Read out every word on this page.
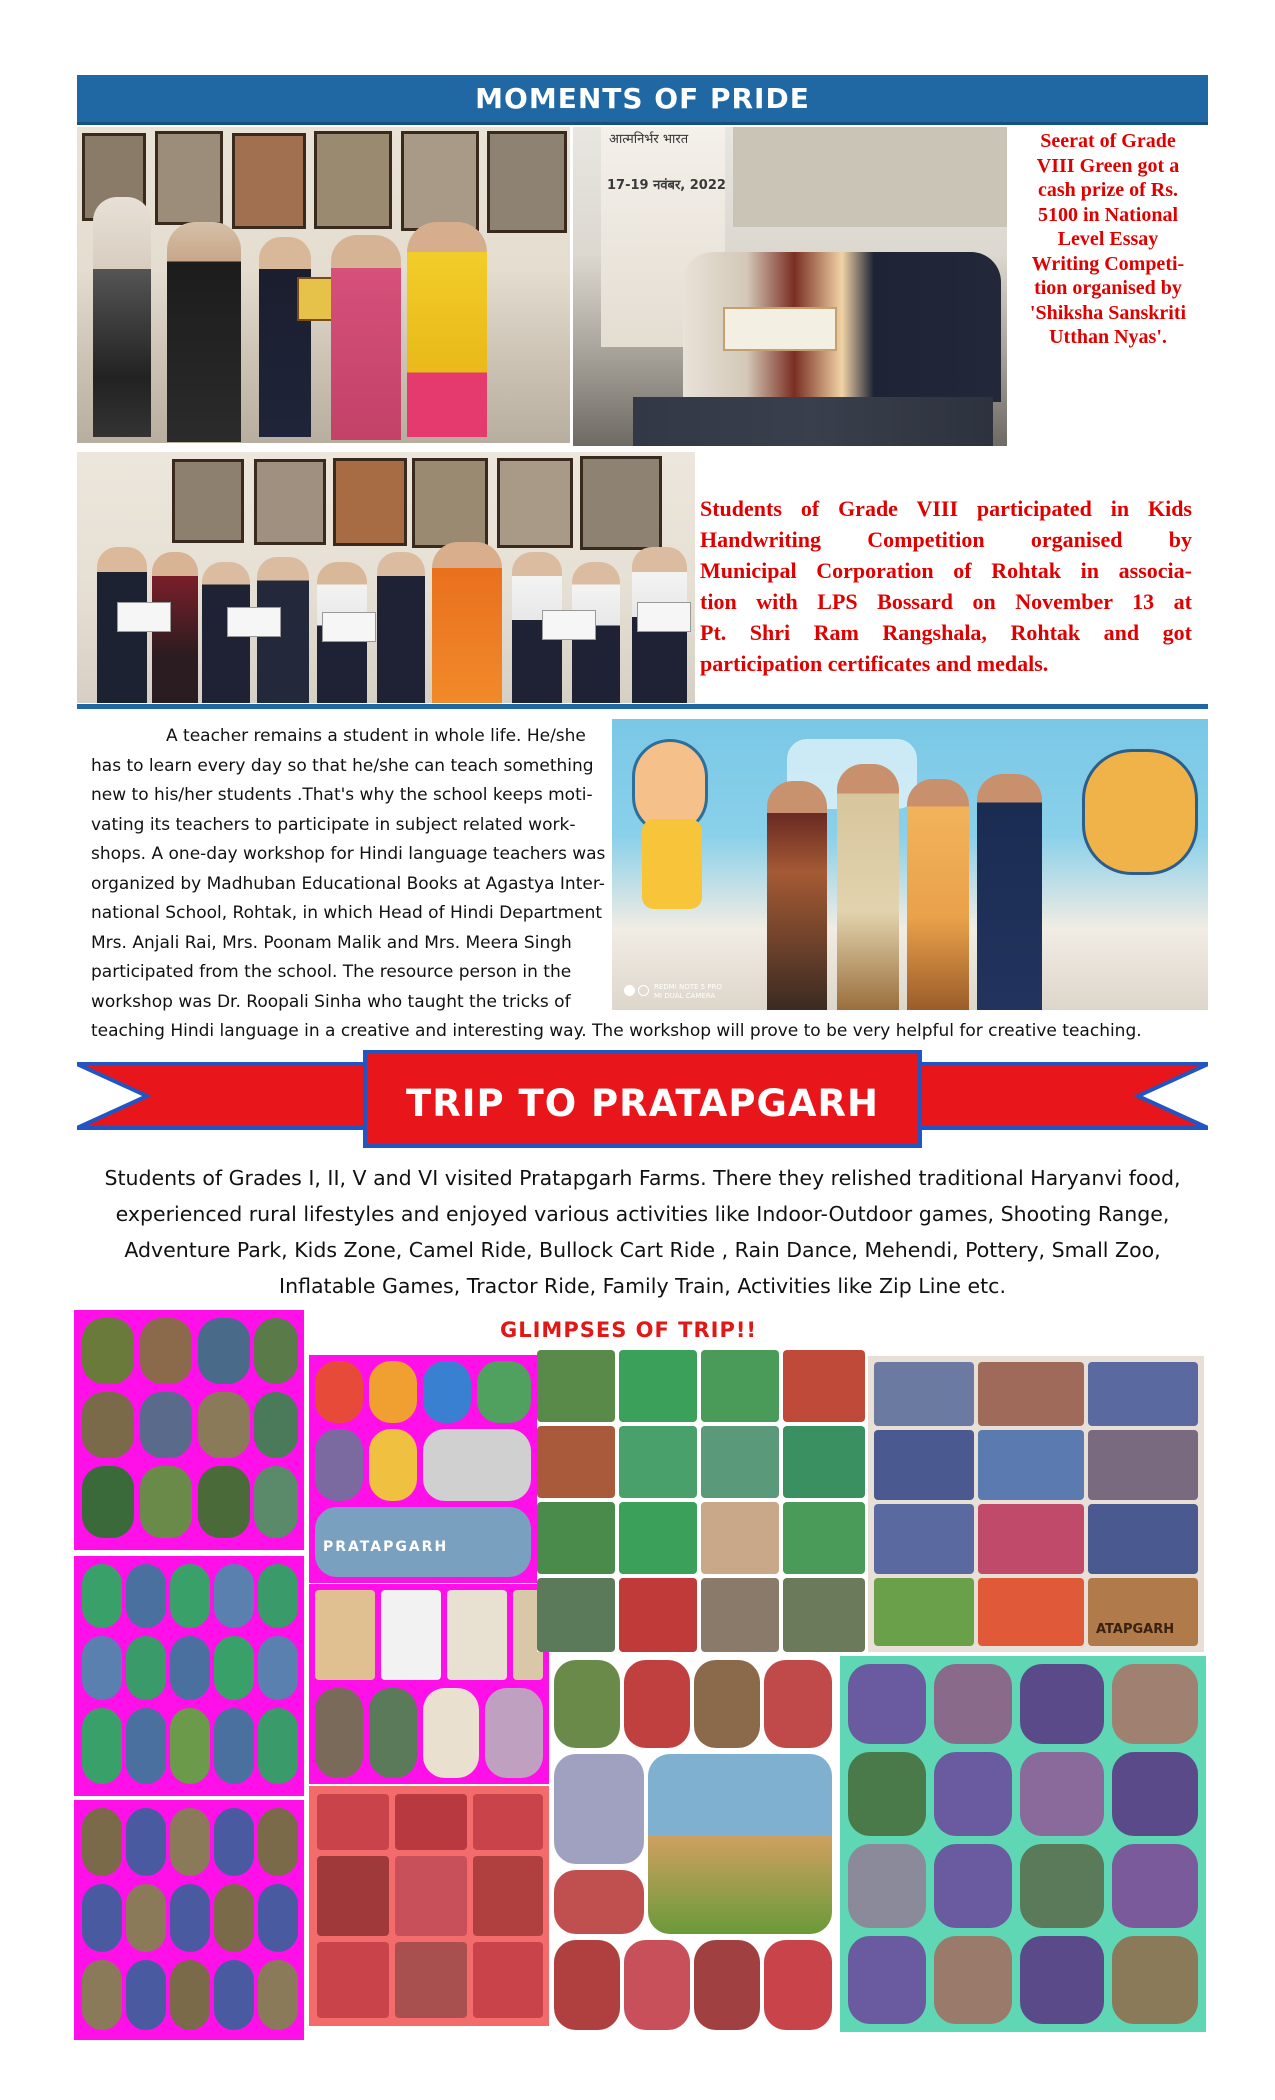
MOMENTS OF PRIDE
आत्मनिर्भर भारत
17-19 नवंबर, 2022
Seerat of Grade
VIII Green got a
cash prize of Rs.
5100 in National
Level Essay
Writing Competi-
tion organised by
'Shiksha Sanskriti
Utthan Nyas'.
Students of Grade VIII participated in Kids
Handwriting Competition organised by
Municipal Corporation of Rohtak in associa-
tion with LPS Bossard on November 13 at
Pt. Shri Ram Rangshala, Rohtak and got
participation certificates and medals.
A teacher remains a student in whole life. He/she
has to learn every day so that he/she can teach something
new to his/her students .That's why the school keeps moti-
vating its teachers to participate in subject related work-
shops. A one-day workshop for Hindi language teachers was
organized by Madhuban Educational Books at Agastya Inter-
national School, Rohtak, in which Head of Hindi Department
Mrs. Anjali Rai, Mrs. Poonam Malik and Mrs. Meera Singh
participated from the school. The resource person in the
workshop was Dr. Roopali Sinha who taught the tricks of
teaching Hindi language in a creative and interesting way. The workshop will prove to be very helpful for creative teaching.
REDMI NOTE 5 PRO
MI DUAL CAMERA
TRIP TO PRATAPGARH
Students of Grades I, II, V and VI visited Pratapgarh Farms. There they relished traditional Haryanvi food,
experienced rural lifestyles and enjoyed various activities like Indoor-Outdoor games, Shooting Range,
Adventure Park, Kids Zone, Camel Ride, Bullock Cart Ride , Rain Dance, Mehendi, Pottery, Small Zoo,
Inflatable Games, Tractor Ride, Family Train, Activities like Zip Line etc.
GLIMPSES OF TRIP!!
PRATAPGARH
ATAPGARH
